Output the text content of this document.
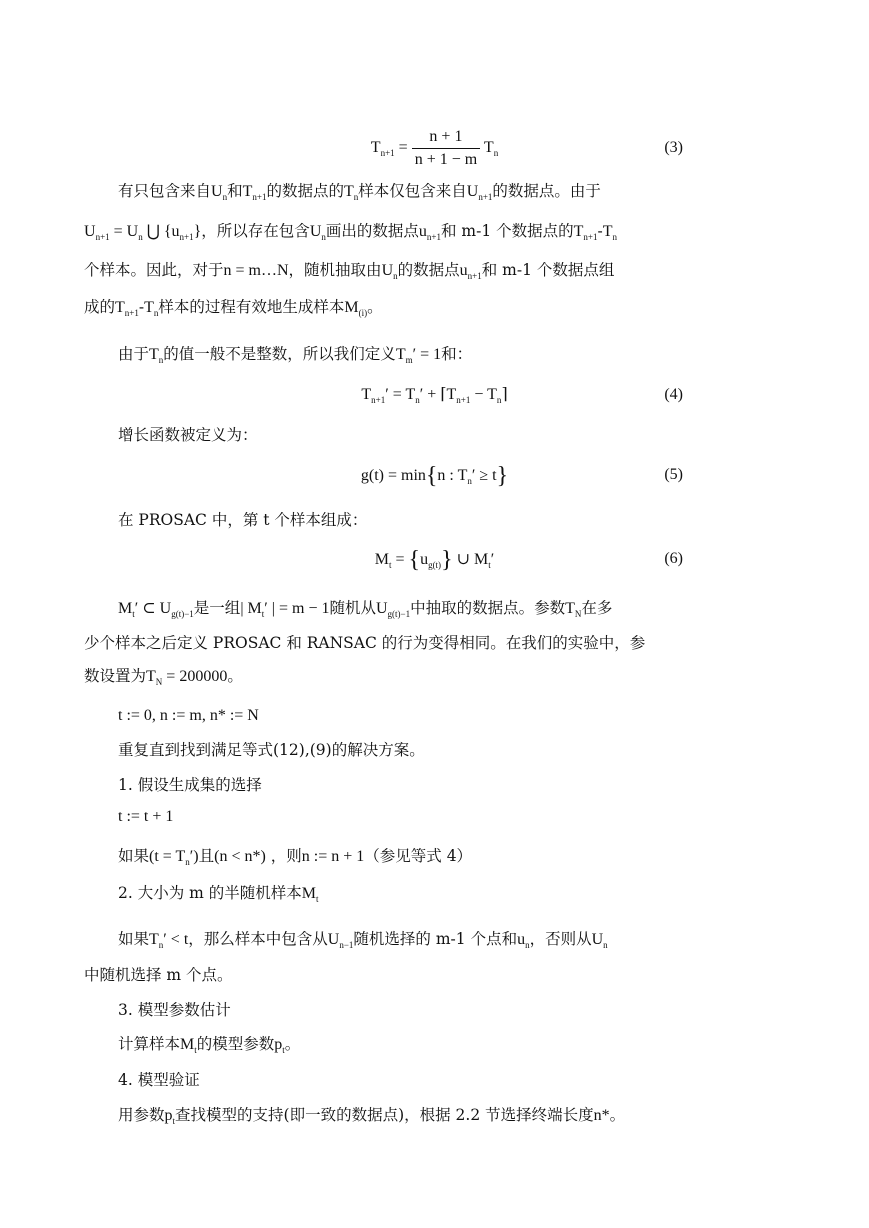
$T_{n+1} = \frac{n + 1}{n + 1 - m} T_n$	(3)
有只包含来自$U_n$和$T_{n+1}$的数据点的$T_n$样本仅包含来自$U_{n+1}$的数据点。由于
$U_{n+1} = U_n$ ⋃ $\{u_{n+1}\}$，所以存在包含$U_n$画出的数据点$u_{n+1}$和 m-1 个数据点的$T_{n+1}-T_n$
个样本。因此，对于n = m…N，随机抽取由$U_n$的数据点$u_{n+1}$和 m-1 个数据点组
成的$T_{n+1}-T_n$样本的过程有效地生成样本$M_{(i)}$。
由于$T_n$的值一般不是整数，所以我们定义$T_m' = 1$和：
$T_{n+1}' = T_n'$ + $⌈T_{n+1}$ − $T_n⌉$	(4)
增长函数被定义为：
g(t) = min{n : $T_n' \ge t$}	(5)
在 PROSAC 中，第 t 个样本组成：
$M_t = \{u_{g(t)}\}$ ∪ $M_t'$	(6)
$M_t'$ ⊂ $U_{g(t)-1}$是一组| $M_t'$ | = m − 1随机从$U_{g(t)-1}$中抽取的数据点。参数$T_N$在多
少个样本之后定义 PROSAC 和 RANSAC 的行为变得相同。在我们的实验中，参
数设置为$T_N = 200000$。
t := 0, n := m, n* := N
重复直到找到满足等式(12),(9)的解决方案。
1. 假设生成集的选择
t := t + 1
如果$(t = T_n')$且(n < n*) ，则n := n + 1（参见等式 4）
2. 大小为 m 的半随机样本$M_t$
如果$T_n' < t$，那么样本中包含从$U_{n-1}$随机选择的 m-1 个点和$u_n$，否则从$U_n$
中随机选择 m 个点。
3. 模型参数估计
计算样本$M_t$的模型参数$p_t$。
4. 模型验证
用参数$p_t$查找模型的支持(即一致的数据点)，根据 2.2 节选择终端长度n*。
